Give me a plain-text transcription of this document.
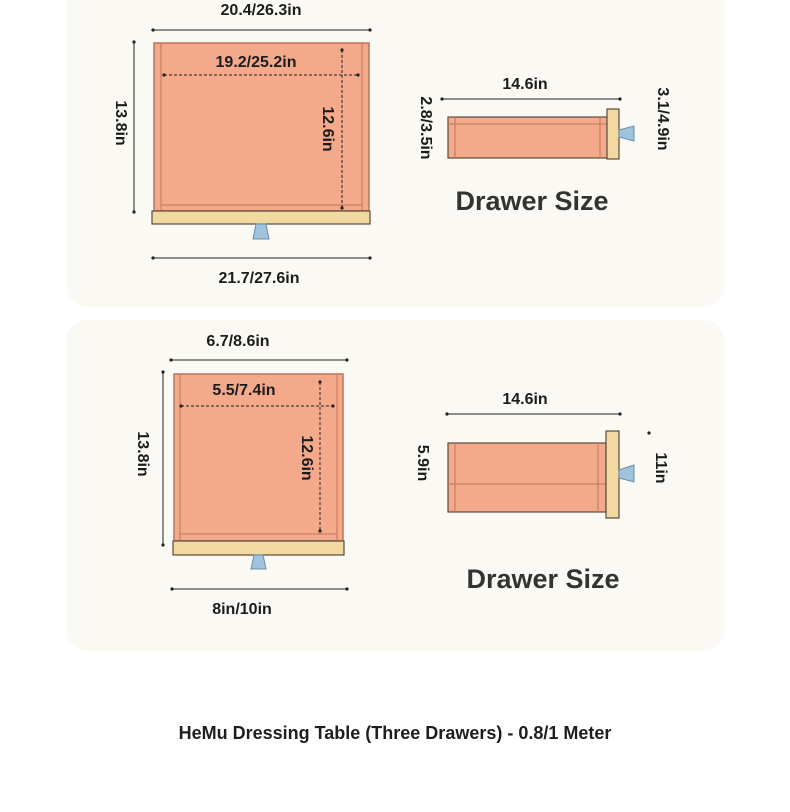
20.4/26.3in
19.2/25.2in
13.8in	12.6in
21.7/27.6in
14.6in
2.8/3.5in	3.1/4.9in
Drawer Size
6.7/8.6in
5.5/7.4in
13.8in	12.6in
8in/10in
14.6in
5.9in	11in
Drawer Size
HeMu Dressing Table (Three Drawers) - 0.8/1 Meter
